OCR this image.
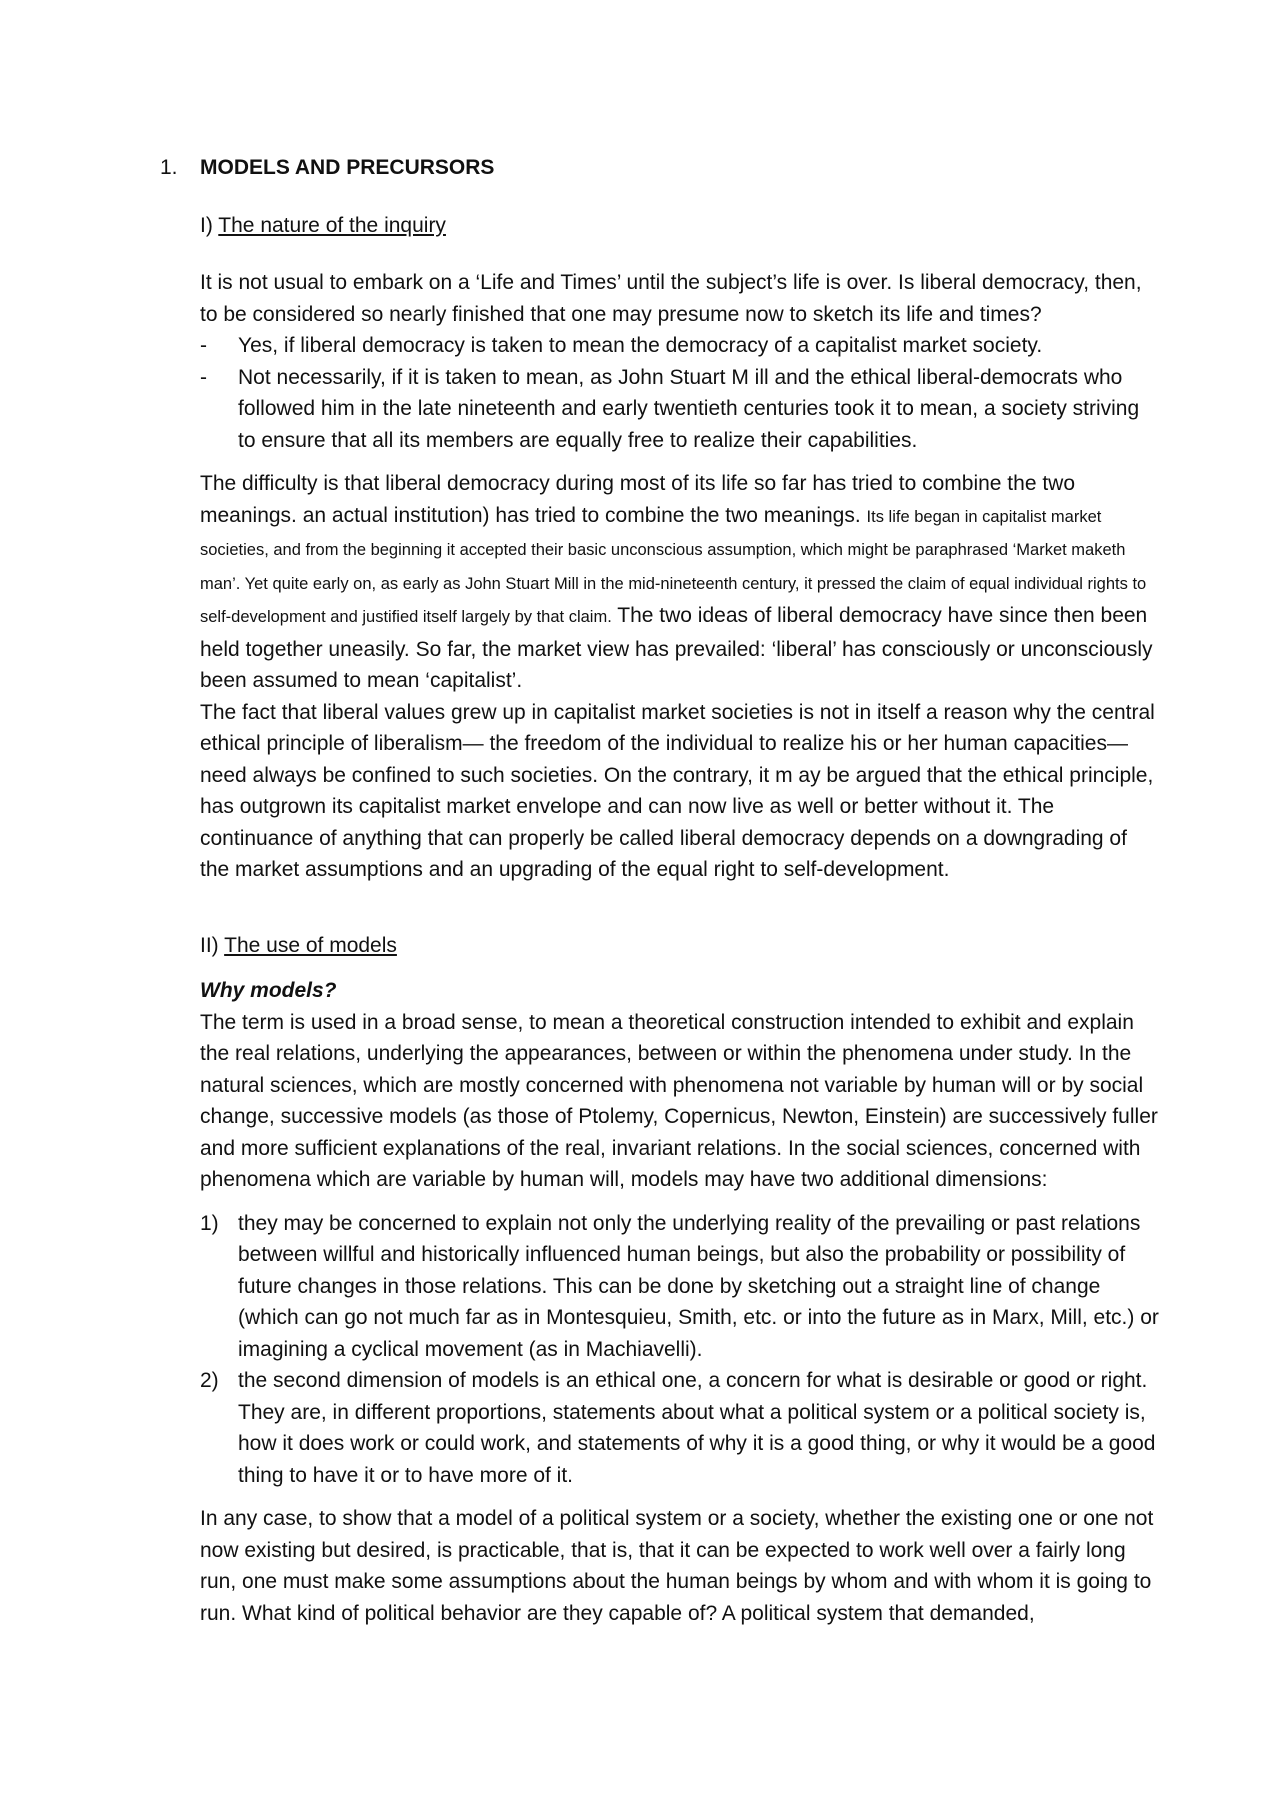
1. MODELS AND PRECURSORS
I) The nature of the inquiry

It is not usual to embark on a ‘Life and Times’ until the subject’s life is over. Is liberal democracy, then, to be considered so nearly finished that one may presume now to sketch its life and times?

- Yes, if liberal democracy is taken to mean the democracy of a capitalist market society.
- Not necessarily, if it is taken to mean, as John Stuart M ill and the ethical liberal-democrats who followed him in the late nineteenth and early twentieth centuries took it to mean, a society striving to ensure that all its members are equally free to realize their capabilities.

The difficulty is that liberal democracy during most of its life so far has tried to combine the two meanings. an actual institution) has tried to combine the two meanings. Its life began in capitalist market societies, and from the beginning it accepted their basic unconscious assumption, which might be paraphrased ‘Market maketh man’. Yet quite early on, as early as John Stuart Mill in the mid-nineteenth century, it pressed the claim of equal individual rights to self-development and justified itself largely by that claim. The two ideas of liberal democracy have since then been held together uneasily. So far, the market view has prevailed: ‘liberal’ has consciously or unconsciously been assumed to mean ‘capitalist’.

The fact that liberal values grew up in capitalist market societies is not in itself a reason why the central ethical principle of liberalism— the freedom of the individual to realize his or her human capacities— need always be confined to such societies. On the contrary, it m ay be argued that the ethical principle, has outgrown its capitalist market envelope and can now live as well or better without it. The continuance of anything that can properly be called liberal democracy depends on a downgrading of the market assumptions and an upgrading of the equal right to self-development.

II) The use of models

Why models?

The term is used in a broad sense, to mean a theoretical construction intended to exhibit and explain the real relations, underlying the appearances, between or within the phenomena under study. In the natural sciences, which are mostly concerned with phenomena not variable by human will or by social change, successive models (as those of Ptolemy, Copernicus, Newton, Einstein) are successively fuller and more sufficient explanations of the real, invariant relations. In the social sciences, concerned with phenomena which are variable by human will, models may have two additional dimensions:

1) they may be concerned to explain not only the underlying reality of the prevailing or past relations between willful and historically influenced human beings, but also the probability or possibility of future changes in those relations. This can be done by sketching out a straight line of change (which can go not much far as in Montesquieu, Smith, etc. or into the future as in Marx, Mill, etc.) or imagining a cyclical movement (as in Machiavelli).
2) the second dimension of models is an ethical one, a concern for what is desirable or good or right. They are, in different proportions, statements about what a political system or a political society is, how it does work or could work, and statements of why it is a good thing, or why it would be a good thing to have it or to have more of it.

In any case, to show that a model of a political system or a society, whether the existing one or one not now existing but desired, is practicable, that is, that it can be expected to work well over a fairly long run, one must make some assumptions about the human beings by whom and with whom it is going to run. What kind of political behavior are they capable of? A political system that demanded,
